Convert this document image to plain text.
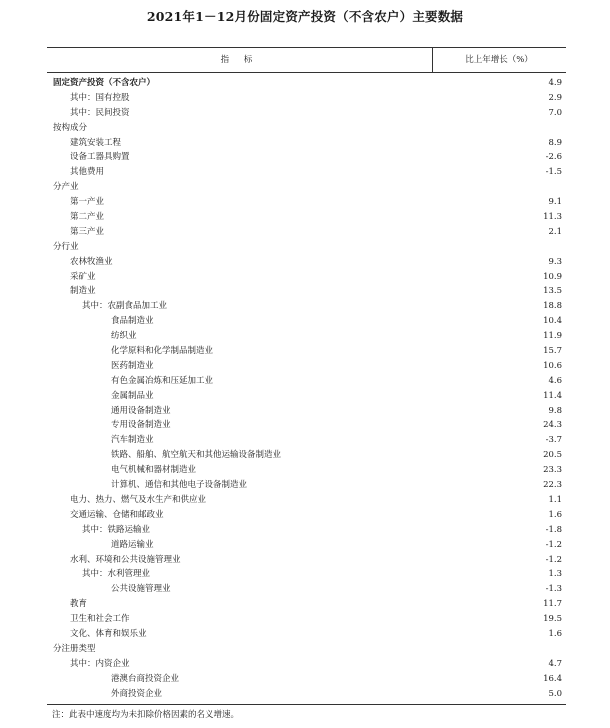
2021年1－12月份固定资产投资（不含农户）主要数据
指 标	比上年增长（%）
固定资产投资（不含农户）	4.9
其中：国有控股	2.9
其中：民间投资	7.0
按构成分
建筑安装工程	8.9
设备工器具购置	-2.6
其他费用	-1.5
分产业
第一产业	9.1
第二产业	11.3
第三产业	2.1
分行业
农林牧渔业	9.3
采矿业	10.9
制造业	13.5
其中：农副食品加工业	18.8
食品制造业	10.4
纺织业	11.9
化学原料和化学制品制造业	15.7
医药制造业	10.6
有色金属冶炼和压延加工业	4.6
金属制品业	11.4
通用设备制造业	9.8
专用设备制造业	24.3
汽车制造业	-3.7
铁路、船舶、航空航天和其他运输设备制造业	20.5
电气机械和器材制造业	23.3
计算机、通信和其他电子设备制造业	22.3
电力、热力、燃气及水生产和供应业	1.1
交通运输、仓储和邮政业	1.6
其中：铁路运输业	-1.8
道路运输业	-1.2
水利、环境和公共设施管理业	-1.2
其中：水利管理业	1.3
公共设施管理业	-1.3
教育	11.7
卫生和社会工作	19.5
文化、体育和娱乐业	1.6
分注册类型
其中：内资企业	4.7
港澳台商投资企业	16.4
外商投资企业	5.0
注：此表中速度均为未扣除价格因素的名义增速。
